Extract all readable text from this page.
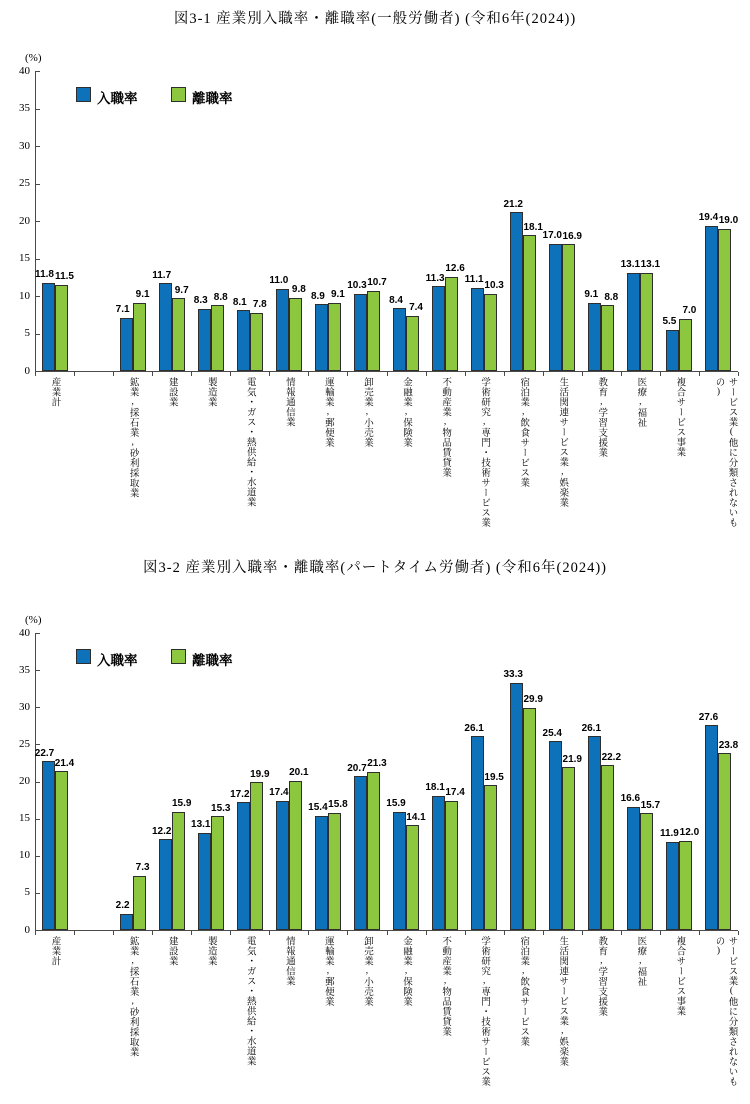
図3-1 産業別入職率・離職率(一般労働者) (令和6年(2024))
(%)
0
5
10
15
20
25
30
35
40
入職率	離職率
11.8 11.5
産業計
7.1
9.1
鉱業,採石業,砂利採取業
11.7
9.7
建設業
8.3 8.8
製造業
8.1 7.8
電気・ガス・熱供給・水道業
11.0
9.8
情報通信業
8.9 9.1
運輸業,郵便業
10.3 10.7
卸売業,小売業
8.4
7.4
金融業,保険業
11.3
12.6
不動産業,物品賃貸業
11.1
10.3
学術研究,専門・技術サービス業
21.2
18.1
宿泊業,飲食サービス業
17.0 16.9
生活関連サービス業,娯楽業
9.1 8.8
教育,学習支援業
13.1 13.1
医療,福祉
5.5
7.0
複合サービス事業
19.4 19.0
サービス業(他に分類されないもの)
図3-2 産業別入職率・離職率(パートタイム労働者) (令和6年(2024))
(%)
0
5
10
15
20
25
30
35
40
入職率	離職率
22.7
21.4
産業計
2.2
7.3
鉱業,採石業,砂利採取業
12.2
15.9
建設業
13.1
15.3
製造業
17.2
19.9
電気・ガス・熱供給・水道業
17.4
20.1
情報通信業
15.4 15.8
運輸業,郵便業
20.7 21.3
卸売業,小売業
15.9
14.1
金融業,保険業
18.1 17.4
不動産業,物品賃貸業
26.1
19.5
学術研究,専門・技術サービス業
33.3
29.9
宿泊業,飲食サービス業
25.4
21.9
生活関連サービス業,娯楽業
26.1
22.2
教育,学習支援業
16.6
15.7
医療,福祉
11.9 12.0
複合サービス事業
27.6
23.8
サービス業(他に分類されないもの)
